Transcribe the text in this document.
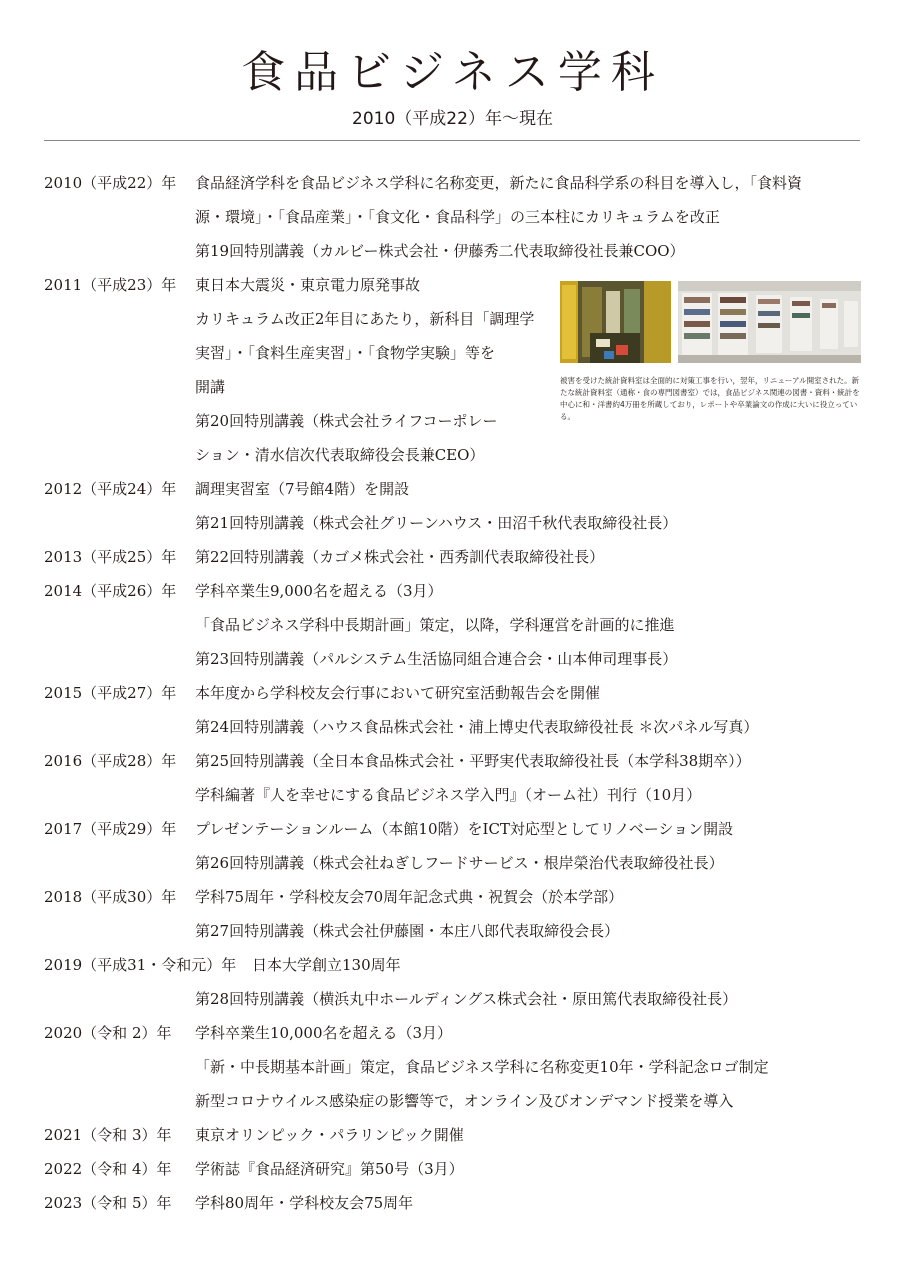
食品ビジネス学科
2010（平成22）年～現在
2010（平成22）年 食品経済学科を食品ビジネス学科に名称変更，新たに食品科学系の科目を導入し，「食料資
源・環境」・「食品産業」・「食文化・食品科学」の三本柱にカリキュラムを改正
第19回特別講義（カルビー株式会社・伊藤秀二代表取締役社長兼COO）
2011（平成23）年 東日本大震災・東京電力原発事故
カリキュラム改正2年目にあたり，新科目「調理学
実習」・「食料生産実習」・「食物学実験」等を
開講
第20回特別講義（株式会社ライフコーポレー
ション・清水信次代表取締役会長兼CEO）
2012（平成24）年 調理実習室（7号館4階）を開設
第21回特別講義（株式会社グリーンハウス・田沼千秋代表取締役社長）
2013（平成25）年 第22回特別講義（カゴメ株式会社・西秀訓代表取締役社長）
2014（平成26）年 学科卒業生9,000名を超える（3月）
「食品ビジネス学科中長期計画」策定，以降，学科運営を計画的に推進
第23回特別講義（パルシステム生活協同組合連合会・山本伸司理事長）
2015（平成27）年 本年度から学科校友会行事において研究室活動報告会を開催
第24回特別講義（ハウス食品株式会社・浦上博史代表取締役社長 ＊次パネル写真）
2016（平成28）年 第25回特別講義（全日本食品株式会社・平野実代表取締役社長（本学科38期卒））
学科編著『人を幸せにする食品ビジネス学入門』（オーム社）刊行（10月）
2017（平成29）年 プレゼンテーションルーム（本館10階）をICT対応型としてリノベーション開設
第26回特別講義（株式会社ねぎしフードサービス・根岸榮治代表取締役社長）
2018（平成30）年 学科75周年・学科校友会70周年記念式典・祝賀会（於本学部）
第27回特別講義（株式会社伊藤園・本庄八郎代表取締役会長）
2019（平成31・令和元）年 日本大学創立130周年
第28回特別講義（横浜丸中ホールディングス株式会社・原田篤代表取締役社長）
2020（令和 2）年 学科卒業生10,000名を超える（3月）
「新・中長期基本計画」策定，食品ビジネス学科に名称変更10年・学科記念ロゴ制定
新型コロナウイルス感染症の影響等で，オンライン及びオンデマンド授業を導入
2021（令和 3）年 東京オリンピック・パラリンピック開催
2022（令和 4）年 学術誌『食品経済研究』第50号（3月）
2023（令和 5）年 学科80周年・学科校友会75周年
被害を受けた統計資料室は全面的に対策工事を行い，翌年，リニューアル開室された。新たな統計資料室（通称・食の専門図書室）では，食品ビジネス関連の図書・資料・統計を中心に和・洋書約4万冊を所蔵しており，レポートや卒業論文の作成に大いに役立っている。
